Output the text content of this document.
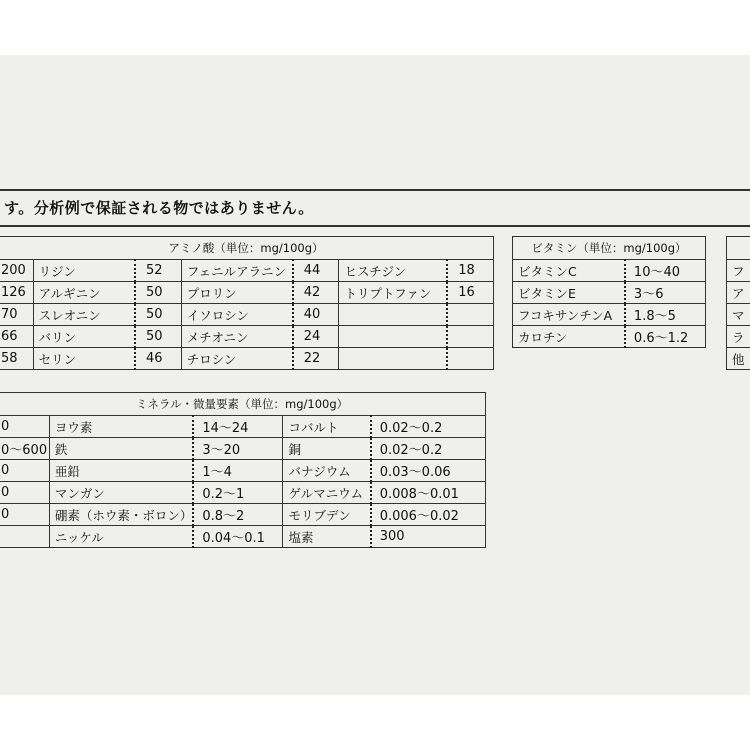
す。分析例で保証される物ではありません。
アミノ酸（単位：mg/100g）						
200	リジン	52	フェニルアラニン	44	ヒスチジン	18
126	アルギニン	50	プロリン	42	トリプトファン	16
70	スレオニン	50	イソロシン	40		
66	バリン	50	メチオニン	24		
58	セリン	46	チロシン	22		
ビタミン（単位：mg/100g）	
ビタミンC	10〜40
ビタミンE	3〜6
フコキサンチンA	1.8〜5
カロチン	0.6〜1.2

フ
ア
マ
ラ
他
ミネラル・微量要素（単位：mg/100g）				
0	ヨウ素	14〜24	コバルト	0.02〜0.2
0〜600	鉄	3〜20	銅	0.02〜0.2
0	亜鉛	1〜4	バナジウム	0.03〜0.06
0	マンガン	0.2〜1	ゲルマニウム	0.008〜0.01
0	硼素（ホウ素・ボロン）	0.8〜2	モリブデン	0.006〜0.02
	ニッケル	0.04〜0.1	塩素	300
